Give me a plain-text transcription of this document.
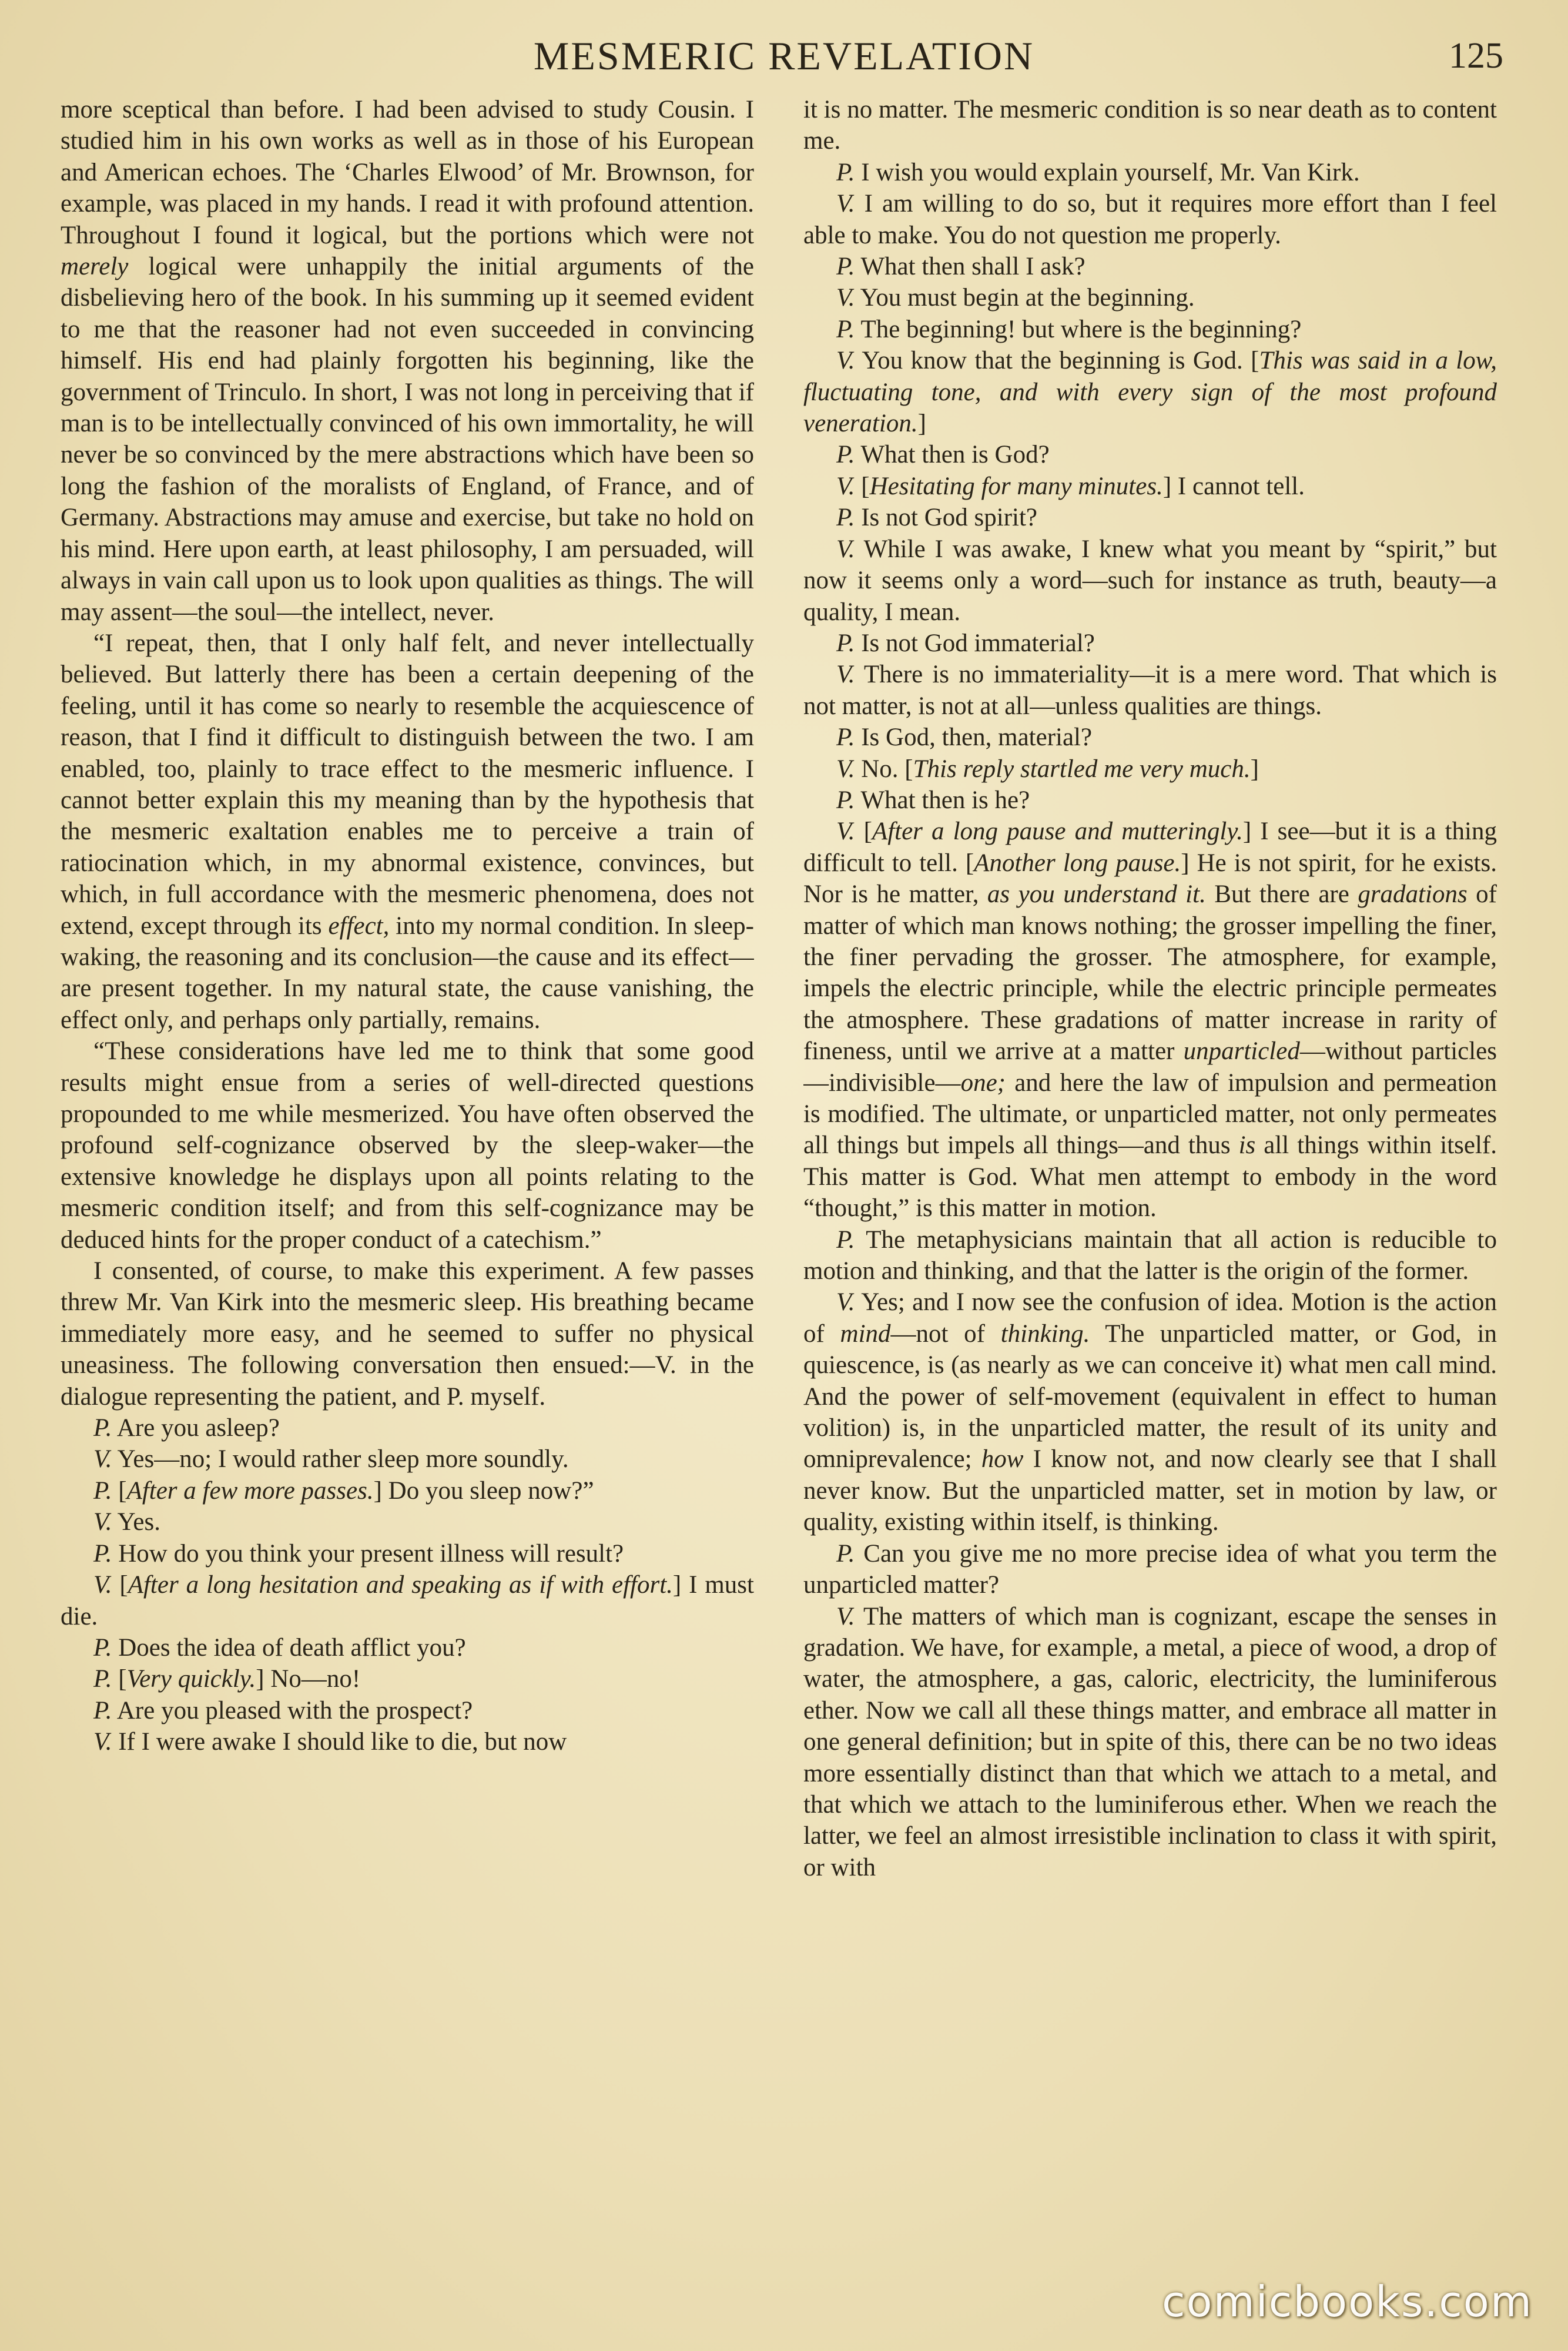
MESMERIC REVELATION	125

more sceptical than before. I had been advised to study Cousin. I studied him in his own works as well as in those of his European and American echoes. The ‘Charles Elwood’ of Mr. Brownson, for example, was placed in my hands. I read it with profound attention. Throughout I found it logical, but the portions which were not merely logical were unhappily the initial arguments of the disbelieving hero of the book. In his summing up it seemed evident to me that the reasoner had not even succeeded in convincing himself. His end had plainly forgotten his beginning, like the government of Trinculo. In short, I was not long in perceiving that if man is to be intellectually convinced of his own immortality, he will never be so convinced by the mere abstractions which have been so long the fashion of the moralists of England, of France, and of Germany. Abstractions may amuse and exercise, but take no hold on his mind. Here upon earth, at least philosophy, I am persuaded, will always in vain call upon us to look upon qualities as things. The will may assent—the soul—the intellect, never.

“I repeat, then, that I only half felt, and never intellectually believed. But latterly there has been a certain deepening of the feeling, until it has come so nearly to resemble the acquiescence of reason, that I find it difficult to distinguish between the two. I am enabled, too, plainly to trace effect to the mesmeric influence. I cannot better explain this my meaning than by the hypothesis that the mesmeric exaltation enables me to perceive a train of ratiocination which, in my abnormal existence, convinces, but which, in full accordance with the mesmeric phenomena, does not extend, except through its effect, into my normal condition. In sleep-waking, the reasoning and its conclusion—the cause and its effect—are present together. In my natural state, the cause vanishing, the effect only, and perhaps only partially, remains.

“These considerations have led me to think that some good results might ensue from a series of well-directed questions propounded to me while mesmerized. You have often observed the profound self-cognizance observed by the sleep-waker—the extensive knowledge he displays upon all points relating to the mesmeric condition itself; and from this self-cognizance may be deduced hints for the proper conduct of a catechism.”

I consented, of course, to make this experiment. A few passes threw Mr. Van Kirk into the mesmeric sleep. His breathing became immediately more easy, and he seemed to suffer no physical uneasiness. The following conversation then ensued:—V. in the dialogue representing the patient, and P. myself.

P. Are you asleep?

V. Yes—no; I would rather sleep more soundly.

P. [After a few more passes.] Do you sleep now?”

V. Yes.

P. How do you think your present illness will result?

V. [After a long hesitation and speaking as if with effort.] I must die.

P. Does the idea of death afflict you?

P. [Very quickly.] No—no!

P. Are you pleased with the prospect?

V. If I were awake I should like to die, but now

it is no matter. The mesmeric condition is so near death as to content me.

P. I wish you would explain yourself, Mr. Van Kirk.

V. I am willing to do so, but it requires more effort than I feel able to make. You do not question me properly.

P. What then shall I ask?

V. You must begin at the beginning.

P. The beginning! but where is the beginning?

V. You know that the beginning is God. [This was said in a low, fluctuating tone, and with every sign of the most profound veneration.]

P. What then is God?

V. [Hesitating for many minutes.] I cannot tell.

P. Is not God spirit?

V. While I was awake, I knew what you meant by “spirit,” but now it seems only a word—such for instance as truth, beauty—a quality, I mean.

P. Is not God immaterial?

V. There is no immateriality—it is a mere word. That which is not matter, is not at all—unless qualities are things.

P. Is God, then, material?

V. No. [This reply startled me very much.]

P. What then is he?

V. [After a long pause and mutteringly.] I see—but it is a thing difficult to tell. [Another long pause.] He is not spirit, for he exists. Nor is he matter, as you understand it. But there are gradations of matter of which man knows nothing; the grosser impelling the finer, the finer pervading the grosser. The atmosphere, for example, impels the electric principle, while the electric principle permeates the atmosphere. These gradations of matter increase in rarity of fineness, until we arrive at a matter unparticled—without particles—indivisible—one; and here the law of impulsion and permeation is modified. The ultimate, or unparticled matter, not only permeates all things but impels all things—and thus is all things within itself. This matter is God. What men attempt to embody in the word “thought,” is this matter in motion.

P. The metaphysicians maintain that all action is reducible to motion and thinking, and that the latter is the origin of the former.

V. Yes; and I now see the confusion of idea. Motion is the action of mind—not of thinking. The unparticled matter, or God, in quiescence, is (as nearly as we can conceive it) what men call mind. And the power of self-movement (equivalent in effect to human volition) is, in the unparticled matter, the result of its unity and omniprevalence; how I know not, and now clearly see that I shall never know. But the unparticled matter, set in motion by law, or quality, existing within itself, is thinking.

P. Can you give me no more precise idea of what you term the unparticled matter?

V. The matters of which man is cognizant, escape the senses in gradation. We have, for example, a metal, a piece of wood, a drop of water, the atmosphere, a gas, caloric, electricity, the luminiferous ether. Now we call all these things matter, and embrace all matter in one general definition; but in spite of this, there can be no two ideas more essentially distinct than that which we attach to a metal, and that which we attach to the luminiferous ether. When we reach the latter, we feel an almost irresistible inclination to class it with spirit, or with

comicbooks.com
